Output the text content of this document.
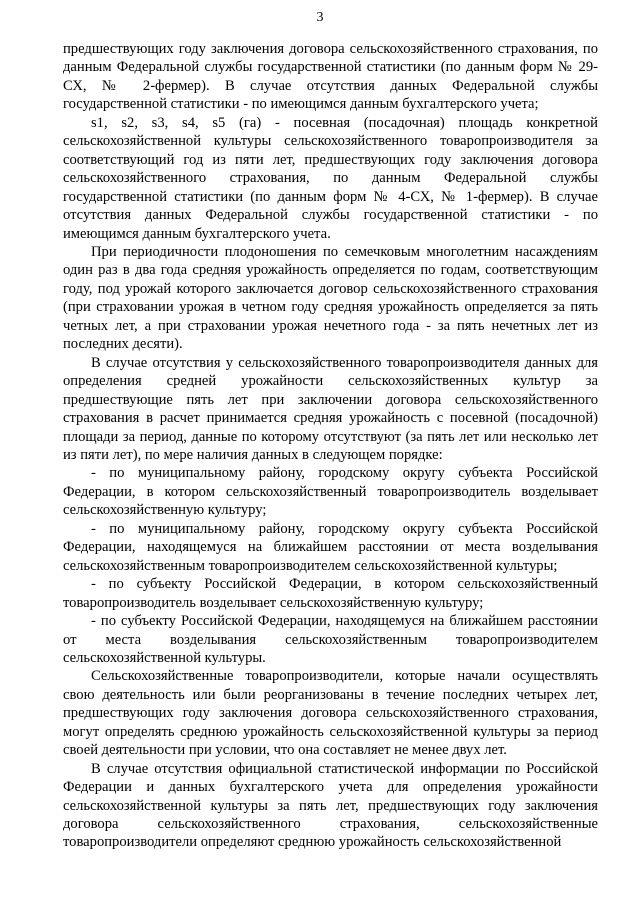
3

предшествующих году заключения договора сельскохозяйственного страхования, по данным Федеральной службы государственной статистики (по данным форм № 29-СХ, № 2-фермер). В случае отсутствия данных Федеральной службы государственной статистики - по имеющимся данным бухгалтерского учета;

s1, s2, s3, s4, s5 (га) - посевная (посадочная) площадь конкретной сельскохозяйственной культуры сельскохозяйственного товаропроизводителя за соответствующий год из пяти лет, предшествующих году заключения договора сельскохозяйственного страхования, по данным Федеральной службы государственной статистики (по данным форм № 4-СХ, № 1-фермер). В случае отсутствия данных Федеральной службы государственной статистики - по имеющимся данным бухгалтерского учета.

При периодичности плодоношения по семечковым многолетним насаждениям один раз в два года средняя урожайность определяется по годам, соответствующим году, под урожай которого заключается договор сельскохозяйственного страхования (при страховании урожая в четном году средняя урожайность определяется за пять четных лет, а при страховании урожая нечетного года - за пять нечетных лет из последних десяти).

В случае отсутствия у сельскохозяйственного товаропроизводителя данных для определения средней урожайности сельскохозяйственных культур за предшествующие пять лет при заключении договора сельскохозяйственного страхования в расчет принимается средняя урожайность с посевной (посадочной) площади за период, данные по которому отсутствуют (за пять лет или несколько лет из пяти лет), по мере наличия данных в следующем порядке:

- по муниципальному району, городскому округу субъекта Российской Федерации, в котором сельскохозяйственный товаропроизводитель возделывает сельскохозяйственную культуру;

- по муниципальному району, городскому округу субъекта Российской Федерации, находящемуся на ближайшем расстоянии от места возделывания сельскохозяйственным товаропроизводителем сельскохозяйственной культуры;

- по субъекту Российской Федерации, в котором сельскохозяйственный товаропроизводитель возделывает сельскохозяйственную культуру;

- по субъекту Российской Федерации, находящемуся на ближайшем расстоянии от места возделывания сельскохозяйственным товаропроизводителем сельскохозяйственной культуры.

Сельскохозяйственные товаропроизводители, которые начали осуществлять свою деятельность или были реорганизованы в течение последних четырех лет, предшествующих году заключения договора сельскохозяйственного страхования, могут определять среднюю урожайность сельскохозяйственной культуры за период своей деятельности при условии, что она составляет не менее двух лет.

В случае отсутствия официальной статистической информации по Российской Федерации и данных бухгалтерского учета для определения урожайности сельскохозяйственной культуры за пять лет, предшествующих году заключения договора сельскохозяйственного страхования, сельскохозяйственные товаропроизводители определяют среднюю урожайность сельскохозяйственной
